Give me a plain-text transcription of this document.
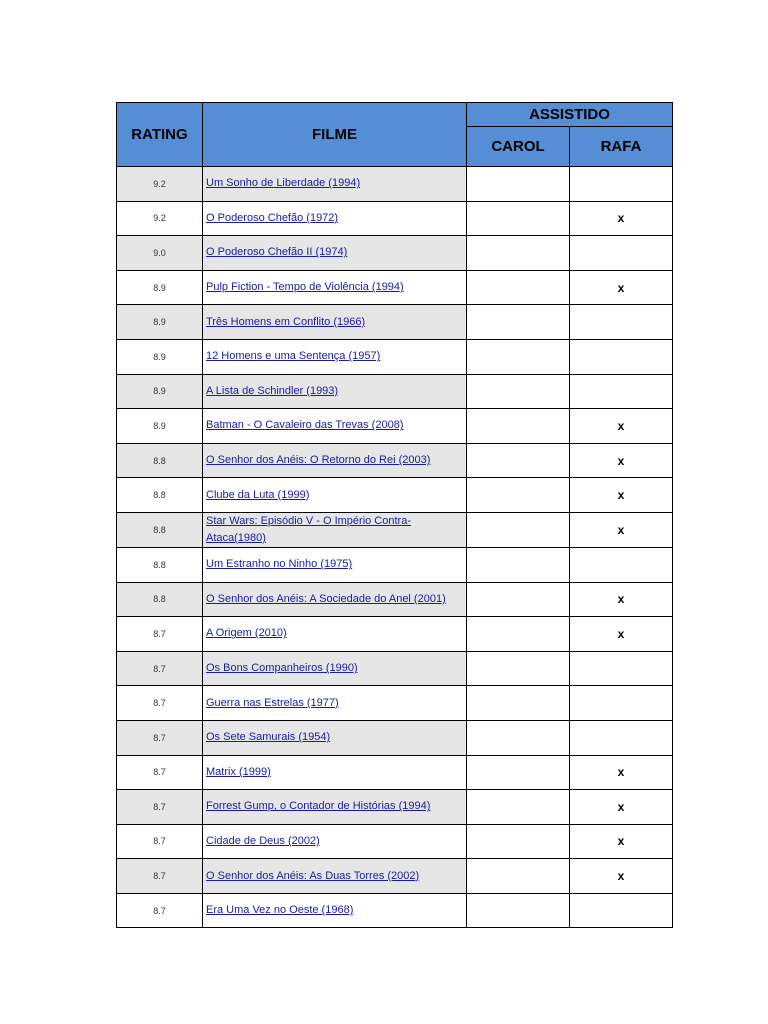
RATING	FILME	ASSISTIDO	
		CAROL	RAFA
9.2	Um Sonho de Liberdade (1994)		
9.2	O Poderoso Chefão (1972)		x
9.0	O Poderoso Chefão II (1974)		
8.9	Pulp Fiction - Tempo de Violência (1994)		x
8.9	Três Homens em Conflito (1966)		
8.9	12 Homens e uma Sentença (1957)		
8.9	A Lista de Schindler (1993)		
8.9	Batman - O Cavaleiro das Trevas (2008)		x
8.8	O Senhor dos Anéis: O Retorno do Rei (2003)		x
8.8	Clube da Luta (1999)		x
8.8	Star Wars: Episódio V - O Império Contra-Ataca(1980)		x
8.8	Um Estranho no Ninho (1975)		
8.8	O Senhor dos Anéis: A Sociedade do Anel (2001)		x
8.7	A Origem (2010)		x
8.7	Os Bons Companheiros (1990)		
8.7	Guerra nas Estrelas (1977)		
8.7	Os Sete Samurais (1954)		
8.7	Matrix (1999)		x
8.7	Forrest Gump, o Contador de Histórias (1994)		x
8.7	Cidade de Deus (2002)		x
8.7	O Senhor dos Anéis: As Duas Torres (2002)		x
8.7	Era Uma Vez no Oeste (1968)		
